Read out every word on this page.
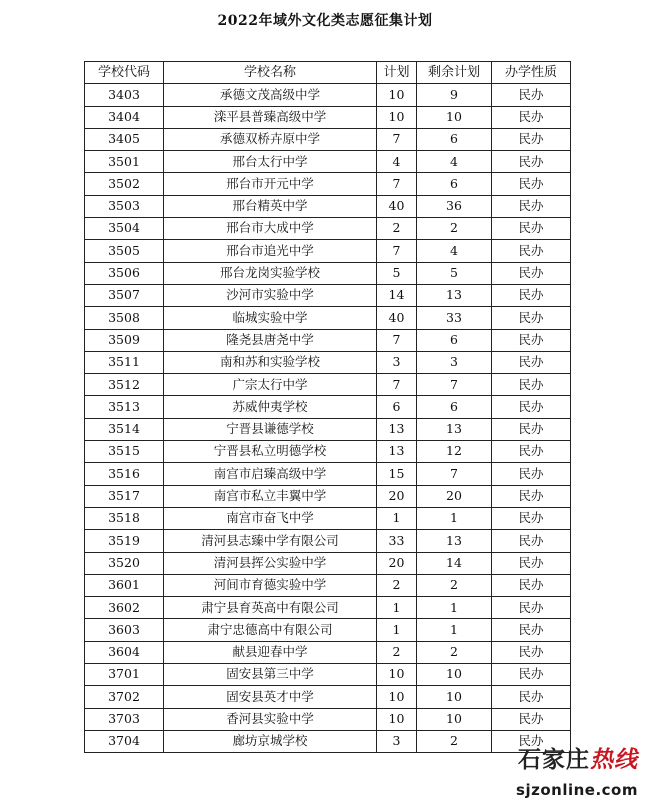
2022年域外文化类志愿征集计划
学校代码	学校名称	计划	剩余计划	办学性质
3403	承德文茂高级中学	10	9	民办
3404	滦平县普臻高级中学	10	10	民办
3405	承德双桥卉原中学	7	6	民办
3501	邢台太行中学	4	4	民办
3502	邢台市开元中学	7	6	民办
3503	邢台精英中学	40	36	民办
3504	邢台市大成中学	2	2	民办
3505	邢台市追光中学	7	4	民办
3506	邢台龙岗实验学校	5	5	民办
3507	沙河市实验中学	14	13	民办
3508	临城实验中学	40	33	民办
3509	隆尧县唐尧中学	7	6	民办
3511	南和苏和实验学校	3	3	民办
3512	广宗太行中学	7	7	民办
3513	苏威仲夷学校	6	6	民办
3514	宁晋县谦德学校	13	13	民办
3515	宁晋县私立明德学校	13	12	民办
3516	南宫市启臻高级中学	15	7	民办
3517	南宫市私立丰翼中学	20	20	民办
3518	南宫市奋飞中学	1	1	民办
3519	清河县志臻中学有限公司	33	13	民办
3520	清河县挥公实验中学	20	14	民办
3601	河间市育德实验中学	2	2	民办
3602	肃宁县育英高中有限公司	1	1	民办
3603	肃宁忠德高中有限公司	1	1	民办
3604	献县迎春中学	2	2	民办
3701	固安县第三中学	10	10	民办
3702	固安县英才中学	10	10	民办
3703	香河县实验中学	10	10	民办
3704	廊坊京城学校	3	2	民办
石家庄热线
sjzonline.com
